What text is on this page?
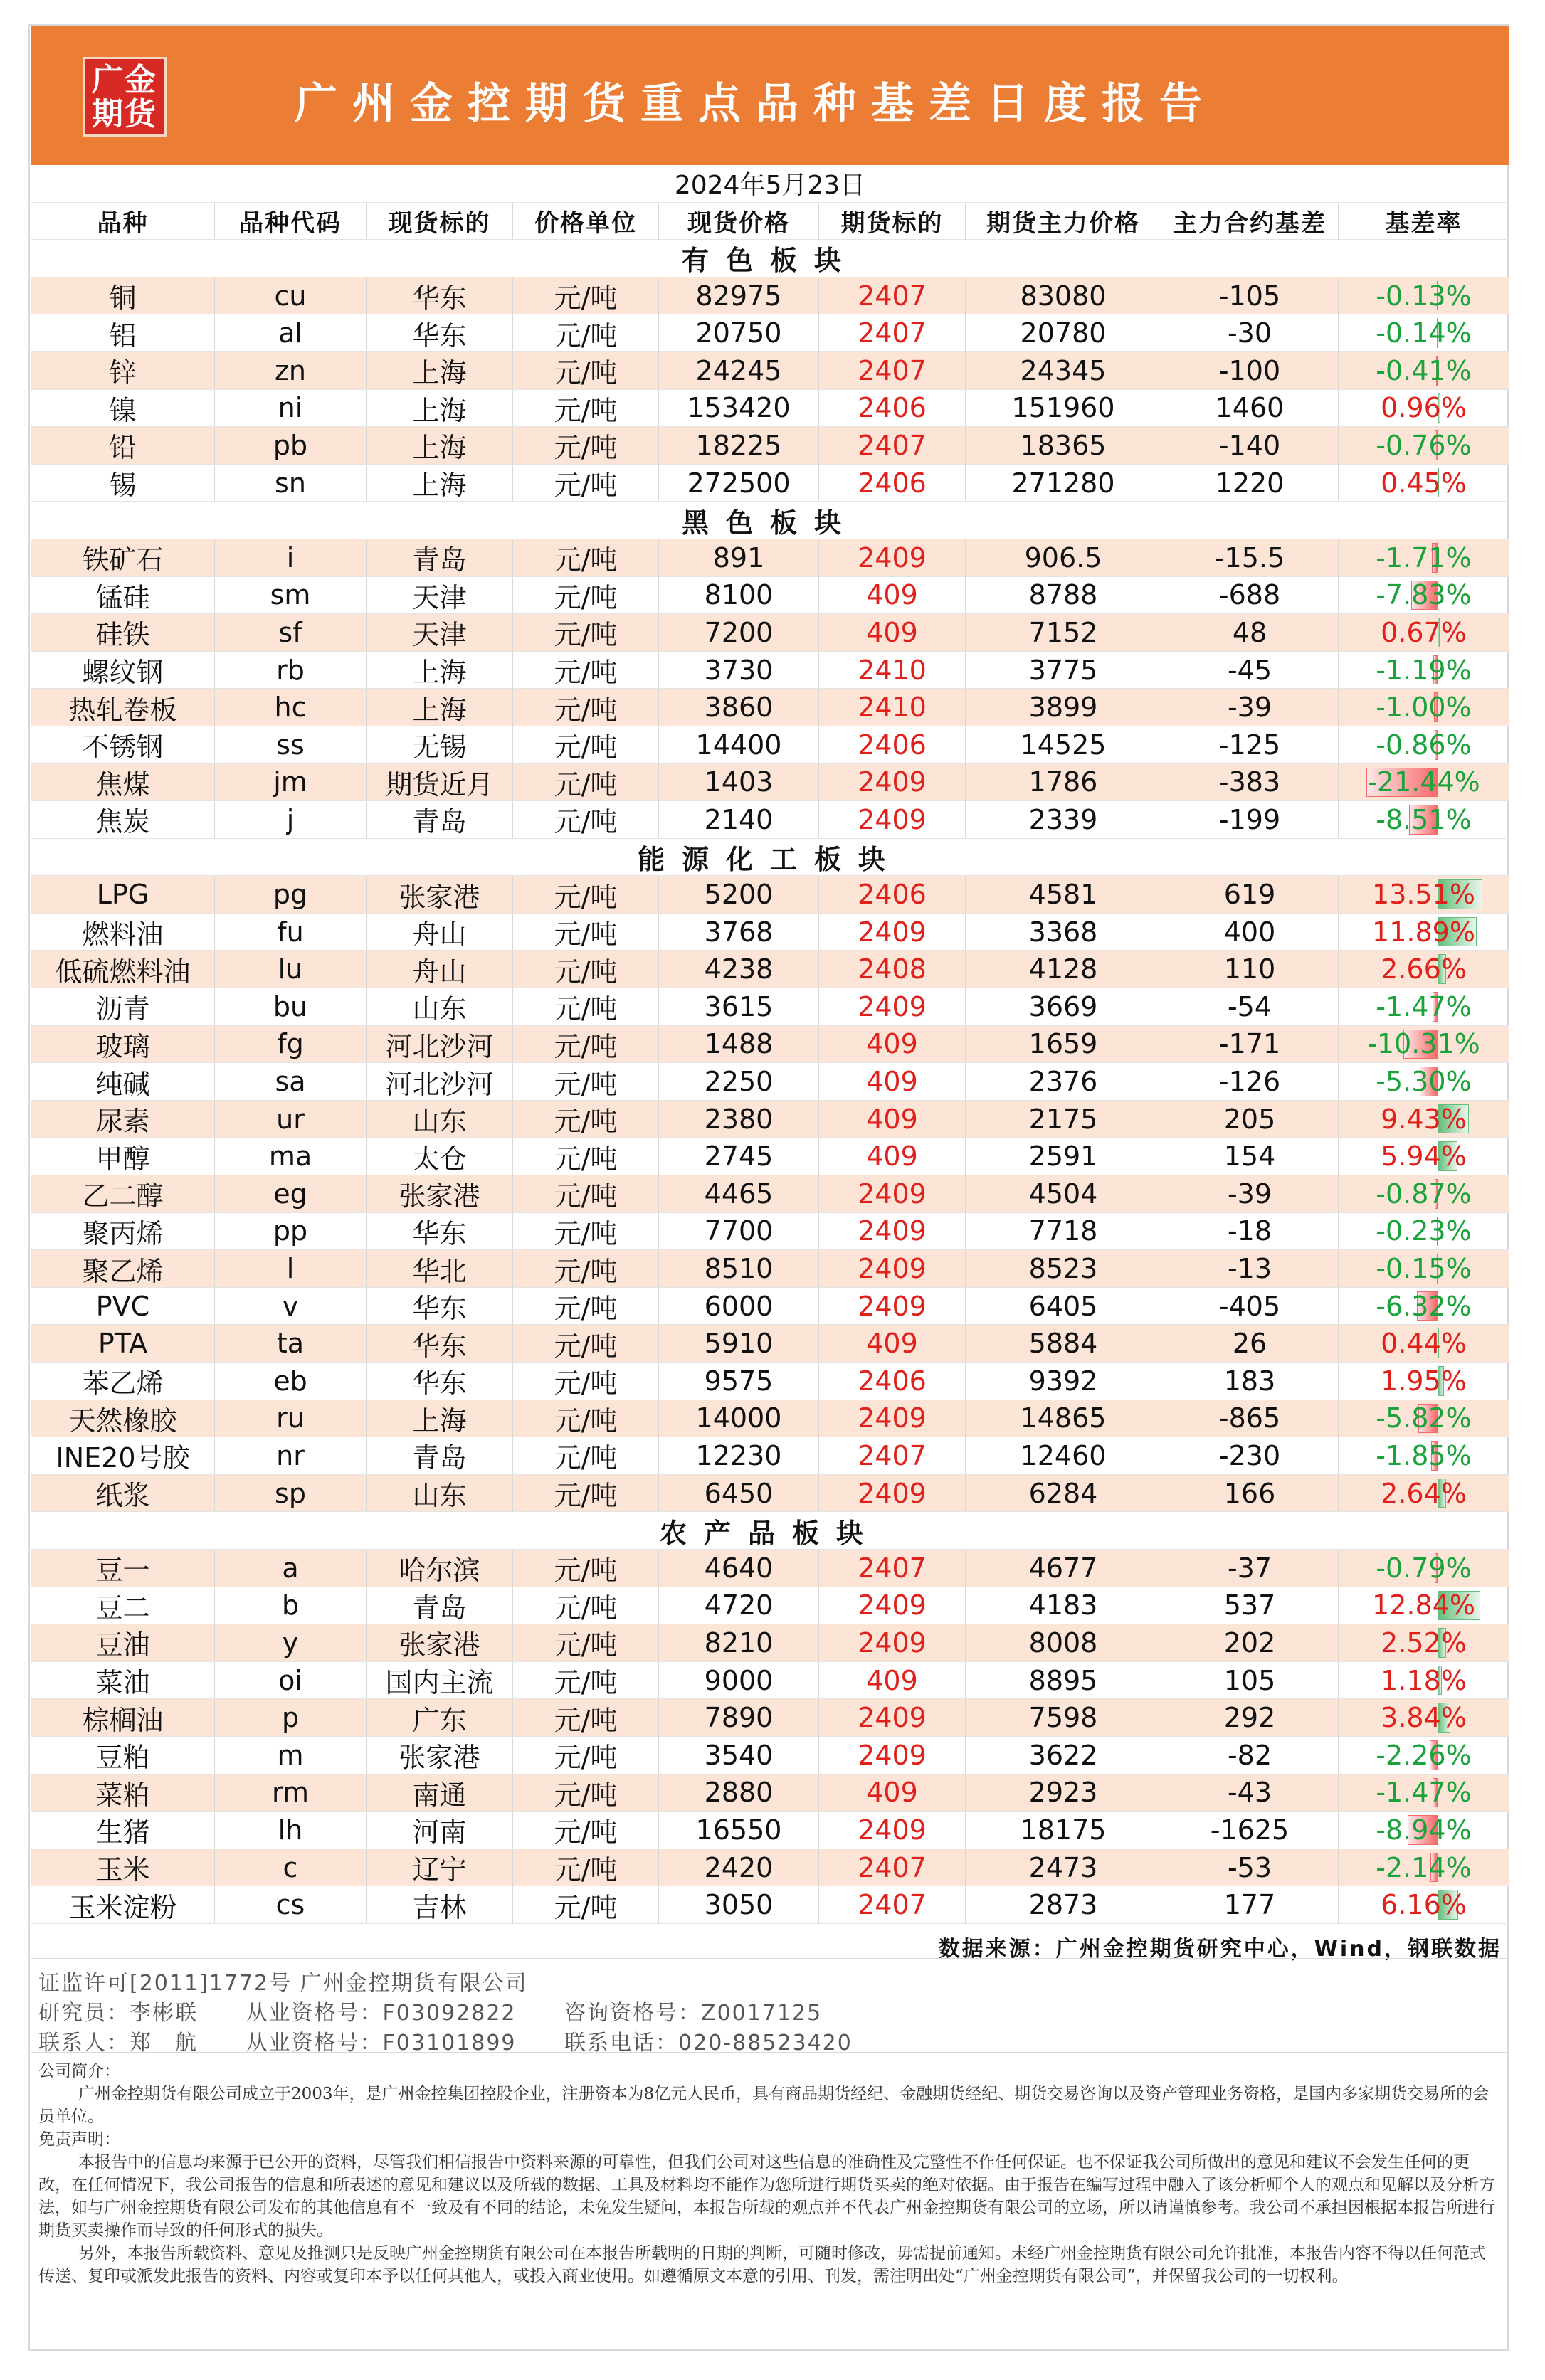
广金
期货	广州金控期货重点品种基差日度报告
2024年5月23日
品种	品种代码	现货标的	价格单位	现货价格	期货标的	期货主力价格	主力合约基差	基差率
有色板块
铜	cu	华东	元/吨	82975	2407	83080	-105	-0.13%
铝	al	华东	元/吨	20750	2407	20780	-30	-0.14%
锌	zn	上海	元/吨	24245	2407	24345	-100	-0.41%
镍	ni	上海	元/吨	153420	2406	151960	1460	0.96%
铅	pb	上海	元/吨	18225	2407	18365	-140	-0.76%
锡	sn	上海	元/吨	272500	2406	271280	1220	0.45%
黑色板块
铁矿石	i	青岛	元/吨	891	2409	906.5	-15.5	-1.71%
锰硅	sm	天津	元/吨	8100	409	8788	-688	-7.83%
硅铁	sf	天津	元/吨	7200	409	7152	48	0.67%
螺纹钢	rb	上海	元/吨	3730	2410	3775	-45	-1.19%
热轧卷板	hc	上海	元/吨	3860	2410	3899	-39	-1.00%
不锈钢	ss	无锡	元/吨	14400	2406	14525	-125	-0.86%
焦煤	jm	期货近月	元/吨	1403	2409	1786	-383	-21.44%
焦炭	j	青岛	元/吨	2140	2409	2339	-199	-8.51%
能源化工板块
LPG	pg	张家港	元/吨	5200	2406	4581	619	13.51%
燃料油	fu	舟山	元/吨	3768	2409	3368	400	11.89%
低硫燃料油	lu	舟山	元/吨	4238	2408	4128	110	2.66%
沥青	bu	山东	元/吨	3615	2409	3669	-54	-1.47%
玻璃	fg	河北沙河	元/吨	1488	409	1659	-171	-10.31%
纯碱	sa	河北沙河	元/吨	2250	409	2376	-126	-5.30%
尿素	ur	山东	元/吨	2380	409	2175	205	9.43%
甲醇	ma	太仓	元/吨	2745	409	2591	154	5.94%
乙二醇	eg	张家港	元/吨	4465	2409	4504	-39	-0.87%
聚丙烯	pp	华东	元/吨	7700	2409	7718	-18	-0.23%
聚乙烯	l	华北	元/吨	8510	2409	8523	-13	-0.15%
PVC	v	华东	元/吨	6000	2409	6405	-405	-6.32%
PTA	ta	华东	元/吨	5910	409	5884	26	0.44%
苯乙烯	eb	华东	元/吨	9575	2406	9392	183	1.95%
天然橡胶	ru	上海	元/吨	14000	2409	14865	-865	-5.82%
INE20号胶	nr	青岛	元/吨	12230	2407	12460	-230	-1.85%
纸浆	sp	山东	元/吨	6450	2409	6284	166	2.64%
农产品板块
豆一	a	哈尔滨	元/吨	4640	2407	4677	-37	-0.79%
豆二	b	青岛	元/吨	4720	2409	4183	537	12.84%
豆油	y	张家港	元/吨	8210	2409	8008	202	2.52%
菜油	oi	国内主流	元/吨	9000	409	8895	105	1.18%
棕榈油	p	广东	元/吨	7890	2409	7598	292	3.84%
豆粕	m	张家港	元/吨	3540	2409	3622	-82	-2.26%
菜粕	rm	南通	元/吨	2880	409	2923	-43	-1.47%
生猪	lh	河南	元/吨	16550	2409	18175	-1625	-8.94%
玉米	c	辽宁	元/吨	2420	2407	2473	-53	-2.14%
玉米淀粉	cs	吉林	元/吨	3050	2407	2873	177	6.16%
数据来源：广州金控期货研究中心，Wind，钢联数据
证监许可[2011]1772号 广州金控期货有限公司
研究员：李彬联 从业资格号：F03092822 咨询资格号：Z0017125
联系人：郑　航 从业资格号：F03101899 联系电话：020-88523420

公司简介：

广州金控期货有限公司成立于2003年，是广州金控集团控股企业，注册资本为8亿元人民币，具有商品期货经纪、金融期货经纪、期货交易咨询以及资产管理业务资格，是国内多家期货交易所的会员单位。

免责声明：

本报告中的信息均来源于已公开的资料，尽管我们相信报告中资料来源的可靠性，但我们公司对这些信息的准确性及完整性不作任何保证。也不保证我公司所做出的意见和建议不会发生任何的更改，在任何情况下，我公司报告的信息和所表述的意见和建议以及所载的数据、工具及材料均不能作为您所进行期货买卖的绝对依据。由于报告在编写过程中融入了该分析师个人的观点和见解以及分析方法，如与广州金控期货有限公司发布的其他信息有不一致及有不同的结论，未免发生疑问，本报告所载的观点并不代表广州金控期货有限公司的立场，所以请谨慎参考。我公司不承担因根据本报告所进行期货买卖操作而导致的任何形式的损失。

另外，本报告所载资料、意见及推测只是反映广州金控期货有限公司在本报告所载明的日期的判断，可随时修改，毋需提前通知。未经广州金控期货有限公司允许批准，本报告内容不得以任何范式传送、复印或派发此报告的资料、内容或复印本予以任何其他人，或投入商业使用。如遵循原文本意的引用、刊发，需注明出处“广州金控期货有限公司”，并保留我公司的一切权利。
